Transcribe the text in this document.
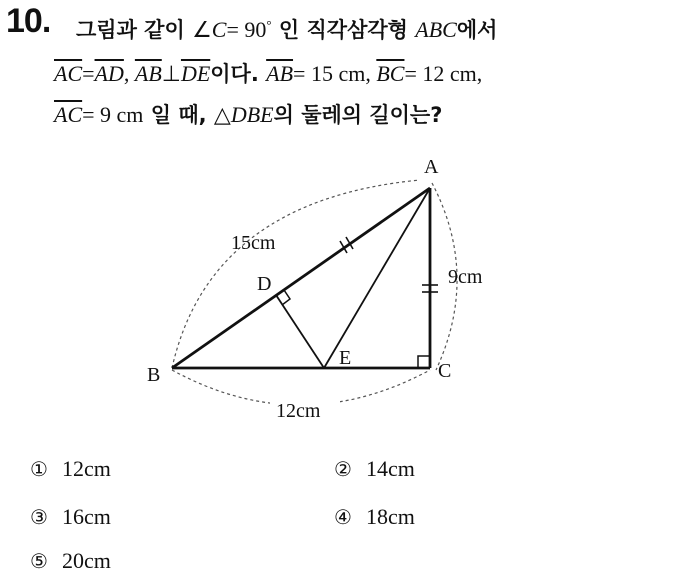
10. 그림과 같이 ∠C= 90° 인 직각삼각형 ABC에서
$\overline{AC}=\overline{AD}$, $\overline{AB}\perp\overline{DE}$이다. $\overline{AB}= 15$ cm, $\overline{BC}= 12$ cm,
$\overline{AC}= 9$ cm 일 때, △DBE의 둘레의 길이는?
A
B	C
D
E
15cm
9cm
12cm
① 12cm	② 14cm
③ 16cm	④ 18cm
⑤ 20cm
